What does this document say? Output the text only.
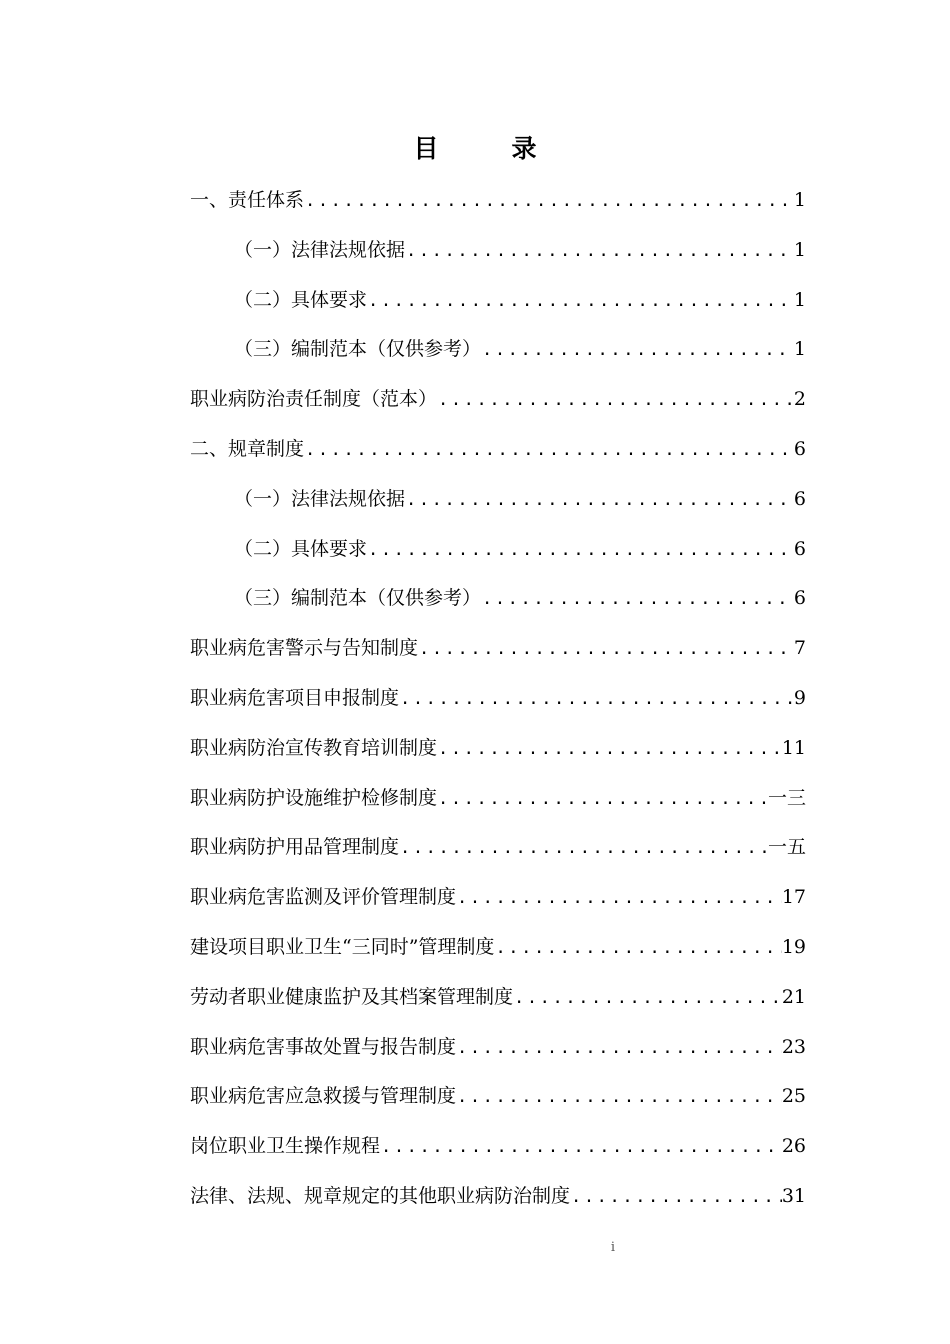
目　录
一、责任体系 .....	1
（一）法律法规依据 .....	1
（二）具体要求 .....	1
（三）编制范本（仅供参考） .....	1
职业病防治责任制度（范本） .....	2
二、规章制度 .....	6
（一）法律法规依据 .....	6
（二）具体要求 .....	6
（三）编制范本（仅供参考） .....	6
职业病危害警示与告知制度 .....	7
职业病危害项目申报制度 .....	9
职业病防治宣传教育培训制度 .....	11
职业病防护设施维护检修制度 .....	一三
职业病防护用品管理制度 .....	一五
职业病危害监测及评价管理制度 .....	17
建设项目职业卫生“三同时”管理制度 .....	19
劳动者职业健康监护及其档案管理制度 .....	21
职业病危害事故处置与报告制度 .....	23
职业病危害应急救援与管理制度 .....	25
岗位职业卫生操作规程 .....	26
法律、法规、规章规定的其他职业病防治制度 .....	31
i
